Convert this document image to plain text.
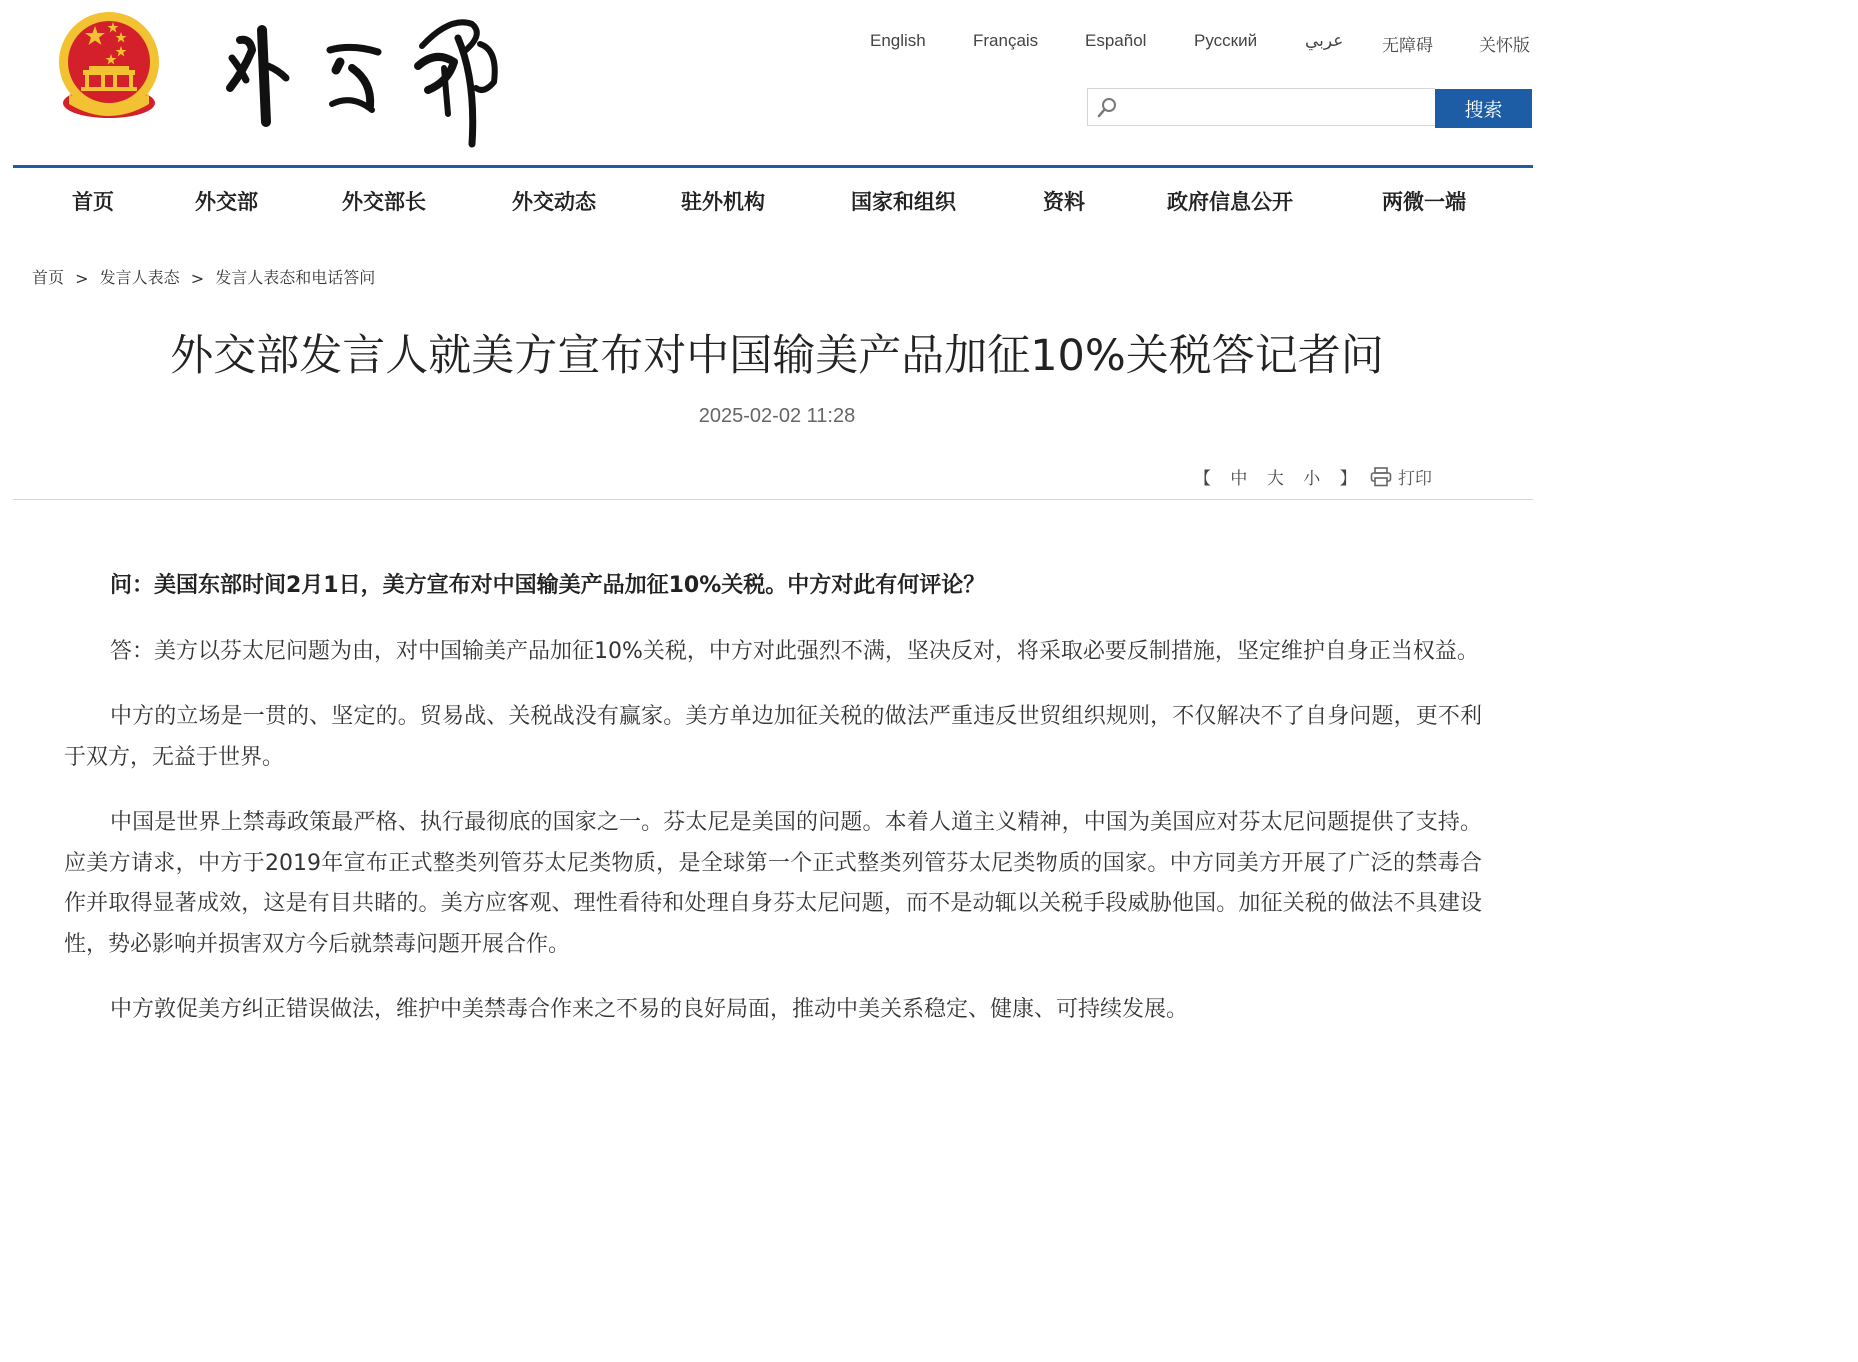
English	Français	Español	Русский	عربي 无障碍	关怀版
搜索
首页	外交部	外交部长	外交动态	驻外机构	国家和组织	资料	政府信息公开	两微一端
首页 > 发言人表态 > 发言人表态和电话答问
外交部发言人就美方宣布对中国输美产品加征10%关税答记者问
2025-02-02 11:28
【 中 大 小 】	打印

问：美国东部时间2月1日，美方宣布对中国输美产品加征10%关税。中方对此有何评论？

答：美方以芬太尼问题为由，对中国输美产品加征10%关税，中方对此强烈不满，坚决反对，将采取必要反制措施，坚定维护自身正当权益。

中方的立场是一贯的、坚定的。贸易战、关税战没有赢家。美方单边加征关税的做法严重违反世贸组织规则，不仅解决不了自身问题，更不利于双方，无益于世界。

中国是世界上禁毒政策最严格、执行最彻底的国家之一。芬太尼是美国的问题。本着人道主义精神，中国为美国应对芬太尼问题提供了支持。应美方请求，中方于2019年宣布正式整类列管芬太尼类物质，是全球第一个正式整类列管芬太尼类物质的国家。中方同美方开展了广泛的禁毒合作并取得显著成效，这是有目共睹的。美方应客观、理性看待和处理自身芬太尼问题，而不是动辄以关税手段威胁他国。加征关税的做法不具建设性，势必影响并损害双方今后就禁毒问题开展合作。

中方敦促美方纠正错误做法，维护中美禁毒合作来之不易的良好局面，推动中美关系稳定、健康、可持续发展。
